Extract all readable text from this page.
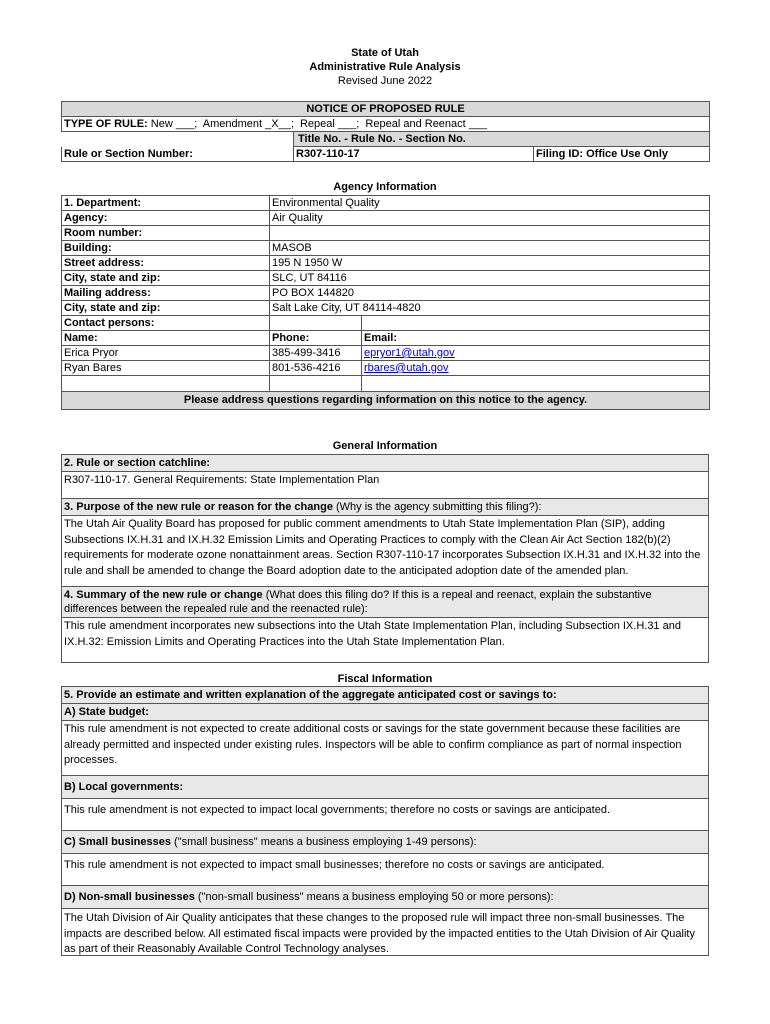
State of Utah
Administrative Rule Analysis
Revised June 2022
NOTICE OF PROPOSED RULE		
TYPE OF RULE: New ___;  Amendment _X__;  Repeal ___;  Repeal and Reenact ___		
	Title No. - Rule No. - Section No.	
Rule or Section Number:	R307-110-17	Filing ID: Office Use Only
Agency Information
1. Department:	Environmental Quality	
Agency:	Air Quality	
Room number:		
Building:	MASOB	
Street address:	195 N 1950 W	
City, state and zip:	SLC, UT 84116	
Mailing address:	PO BOX 144820	
City, state and zip:	Salt Lake City, UT 84114-4820	
Contact persons:		
Name:	Phone:	Email:
Erica Pryor	385-499-3416	epryor1@utah.gov
Ryan Bares	801-536-4216	rbares@utah.gov

Please address questions regarding information on this notice to the agency.		
General Information
2. Rule or section catchline:
R307-110-17. General Requirements: State Implementation Plan
3. Purpose of the new rule or reason for the change (Why is the agency submitting this filing?):
The Utah Air Quality Board has proposed for public comment amendments to Utah State Implementation Plan (SIP), adding Subsections IX.H.31 and IX.H.32 Emission Limits and Operating Practices to comply with the Clean Air Act Section 182(b)(2) requirements for moderate ozone nonattainment areas. Section R307-110-17 incorporates Subsection IX.H.31 and IX.H.32 into the rule and shall be amended to change the Board adoption date to the anticipated adoption date of the amended plan.
4. Summary of the new rule or change (What does this filing do? If this is a repeal and reenact, explain the substantive differences between the repealed rule and the reenacted rule):
This rule amendment incorporates new subsections into the Utah State Implementation Plan, including Subsection IX.H.31 and IX.H.32: Emission Limits and Operating Practices into the Utah State Implementation Plan.
Fiscal Information
5. Provide an estimate and written explanation of the aggregate anticipated cost or savings to:
A) State budget:
This rule amendment is not expected to create additional costs or savings for the state government because these facilities are already permitted and inspected under existing rules. Inspectors will be able to confirm compliance as part of normal inspection processes.
B) Local governments:
This rule amendment is not expected to impact local governments; therefore no costs or savings are anticipated.
C) Small businesses ("small business" means a business employing 1-49 persons):
This rule amendment is not expected to impact small businesses; therefore no costs or savings are anticipated.
D) Non-small businesses ("non-small business" means a business employing 50 or more persons):
The Utah Division of Air Quality anticipates that these changes to the proposed rule will impact three non-small businesses. The impacts are described below. All estimated fiscal impacts were provided by the impacted entities to the Utah Division of Air Quality as part of their Reasonably Available Control Technology analyses.
